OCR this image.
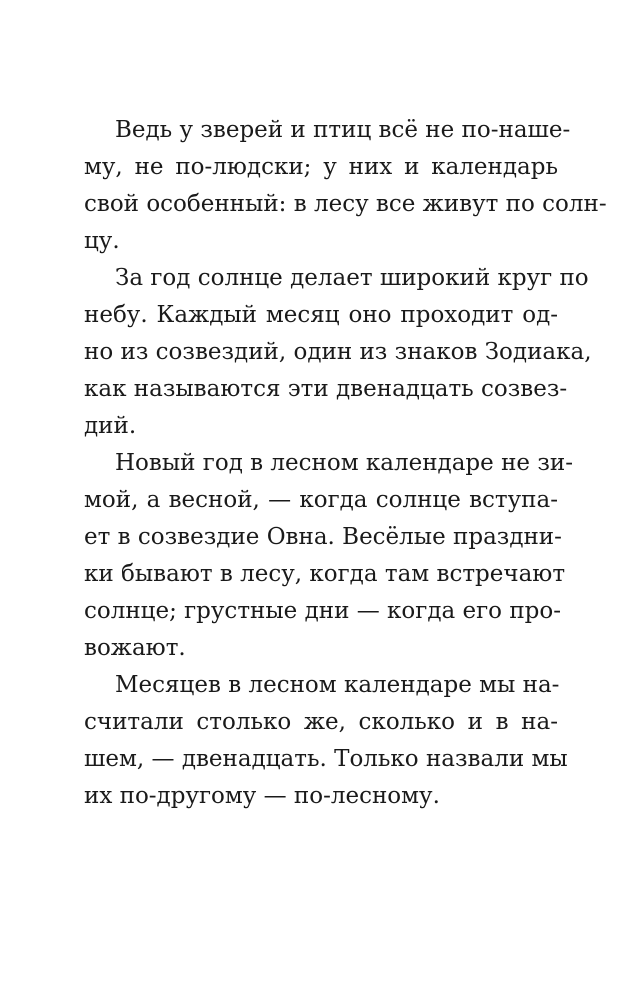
Ведь у зверей и птиц всё не по-наше-
му, не по-людски; у них и календарь
свой особенный: в лесу все живут по солн-
цу.
За год солнце делает широкий круг по
небу. Каждый месяц оно проходит од-
но из созвездий, один из знаков Зодиака,
как называются эти двенадцать созвез-
дий.
Новый год в лесном календаре не зи-
мой, а весной, — когда солнце вступа-
ет в созвездие Овна. Весёлые праздни-
ки бывают в лесу, когда там встречают
солнце; грустные дни — когда его про-
вожают.
Месяцев в лесном календаре мы на-
считали столько же, сколько и в на-
шем, — двенадцать. Только назвали мы
их по-другому — по-лесному.
